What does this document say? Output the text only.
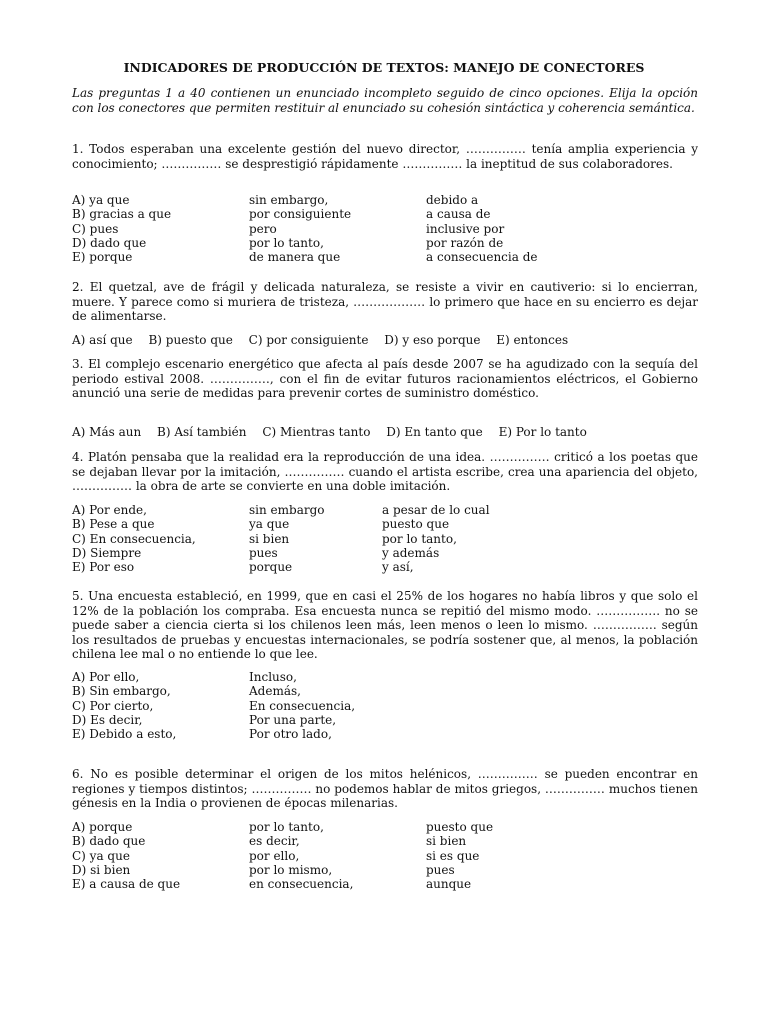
INDICADORES DE PRODUCCIÓN DE TEXTOS: MANEJO DE CONECTORES
Las preguntas 1 a 40 contienen un enunciado incompleto seguido de cinco opciones. Elija la opción con los conectores que permiten restituir al enunciado su cohesión sintáctica y coherencia semántica.
1. Todos esperaban una excelente gestión del nuevo director, …………… tenía amplia experiencia y conocimiento; …………… se desprestigió rápidamente …………… la ineptitud de sus colaboradores.
A) ya que	sin embargo,	debido a
B) gracias a que	por consiguiente	a causa de
C) pues	pero	inclusive por
D) dado que	por lo tanto,	por razón de
E) porque	de manera que	a consecuencia de
2. El quetzal, ave de frágil y delicada naturaleza, se resiste a vivir en cautiverio: si lo encierran, muere. Y parece como si muriera de tristeza, ……………… lo primero que hace en su encierro es dejar de alimentarse.
A) así que B) puesto que C) por consiguiente D) y eso porque E) entonces
3. El complejo escenario energético que afecta al país desde 2007 se ha agudizado con la sequía del periodo estival 2008. ……………, con el fin de evitar futuros racionamientos eléctricos, el Gobierno anunció una serie de medidas para prevenir cortes de suministro doméstico.
A) Más aun B) Así también C) Mientras tanto D) En tanto que E) Por lo tanto
4. Platón pensaba que la realidad era la reproducción de una idea. …………… criticó a los poetas que se dejaban llevar por la imitación, …………… cuando el artista escribe, crea una apariencia del objeto, …………… la obra de arte se convierte en una doble imitación.
A) Por ende,	sin embargo	a pesar de lo cual
B) Pese a que	ya que	puesto que
C) En consecuencia,	si bien	por lo tanto,
D) Siempre	pues	y además
E) Por eso	porque	y así,
5. Una encuesta estableció, en 1999, que en casi el 25% de los hogares no había libros y que solo el 12% de la población los compraba. Esa encuesta nunca se repitió del mismo modo. ……………. no se puede saber a ciencia cierta si los chilenos leen más, leen menos o leen lo mismo. ……………. según los resultados de pruebas y encuestas internacionales, se podría sostener que, al menos, la población chilena lee mal o no entiende lo que lee.
A) Por ello,	Incluso,
B) Sin embargo,	Además,
C) Por cierto,	En consecuencia,
D) Es decir,	Por una parte,
E) Debido a esto,	Por otro lado,
6. No es posible determinar el origen de los mitos helénicos, …………… se pueden encontrar en regiones y tiempos distintos; …………… no podemos hablar de mitos griegos, …………… muchos tienen génesis en la India o provienen de épocas milenarias.
A) porque	por lo tanto,	puesto que
B) dado que	es decir,	si bien
C) ya que	por ello,	si es que
D) si bien	por lo mismo,	pues
E) a causa de que	en consecuencia,	aunque
